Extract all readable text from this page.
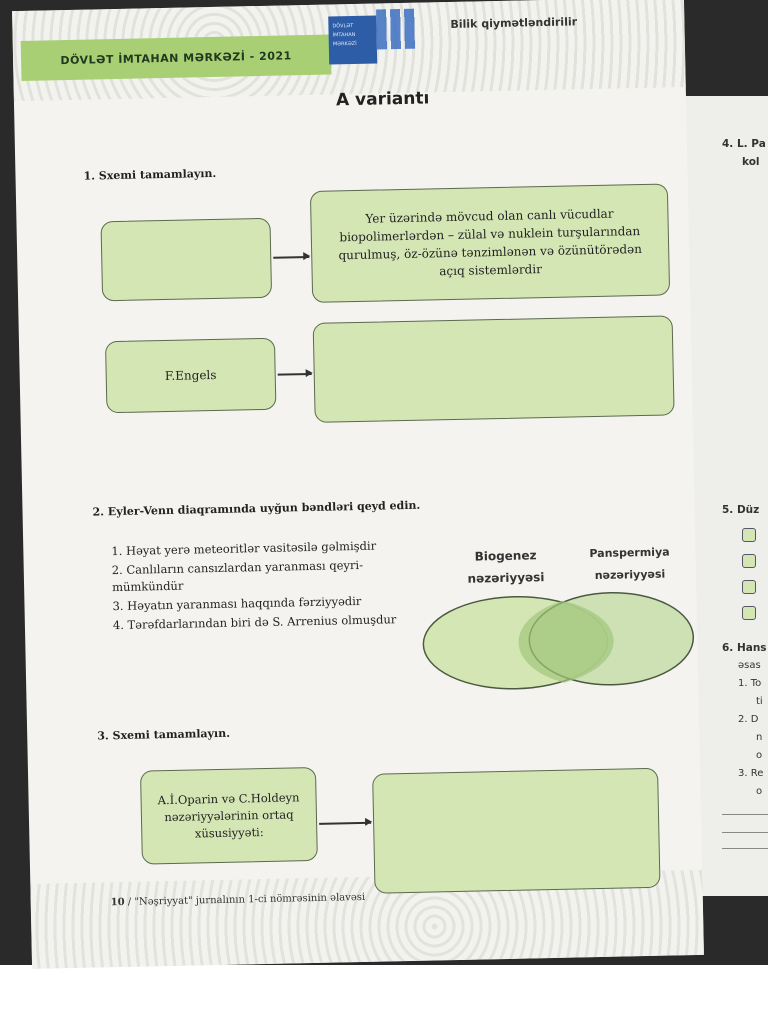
4. L. Pa
kol
5. Düz
6. Hans
əsas
1. To
ti
2. D
n
o
3. Re
o
DÖVLƏT İMTAHAN MƏRKƏZİ - 2021
DÖVLƏT İMTAHAN MƏRKƏZİ
Bilik qiymətləndirilir
A variantı
1. Sxemi tamamlayın.
Yer üzərində mövcud olan canlı vücudlar biopolimerlərdən – zülal və nuklein turşularından qurulmuş, öz-özünə tənzimlənən və özünütörədən açıq sistemlərdir
F.Engels
2. Eyler-Venn diaqramında uyğun bəndləri qeyd edin.
1. Həyat yerə meteoritlər vasitəsilə gəlmişdir
2. Canlıların cansızlardan yaranması qeyri-mümkündür
3. Həyatın yaranması haqqında fərziyyədir
4. Tərəfdarlarından biri də S. Arrenius olmuşdur
Biogenez nəzəriyyəsi
Panspermiya nəzəriyyəsi
3. Sxemi tamamlayın.
A.İ.Oparin və C.Holdeyn nəzəriyyələrinin ortaq xüsusiyyəti:
10 / "Nəşriyyat" jurnalının 1-ci nömrəsinin əlavəsi
